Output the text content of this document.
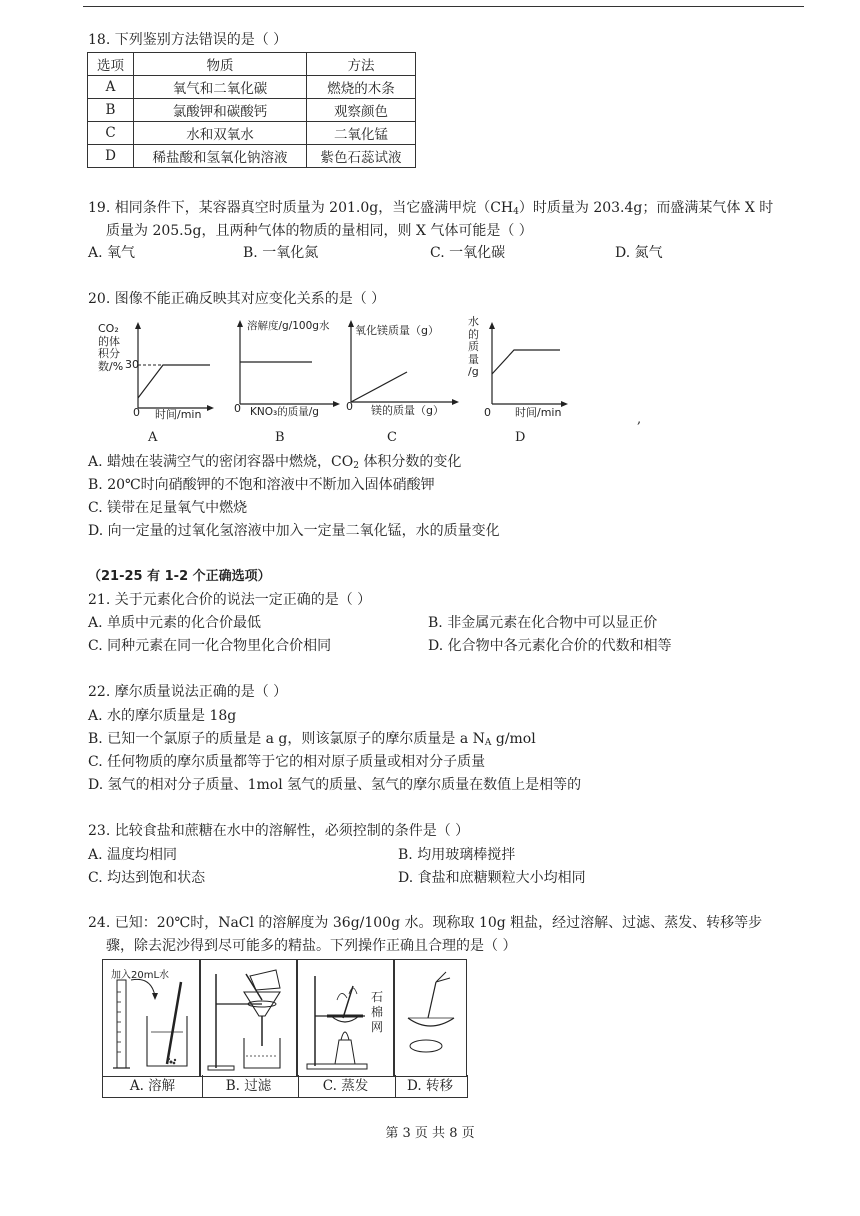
18. 下列鉴别方法错误的是（ ）
选项	物质	方法
A	氧气和二氧化碳	燃烧的木条
B	氯酸钾和碳酸钙	观察颜色
C	水和双氧水	二氧化锰
D	稀盐酸和氢氧化钠溶液	紫色石蕊试液
19. 相同条件下，某容器真空时质量为 201.0g，当它盛满甲烷$(CH_4)$时质量为 203.4g；而盛满某气体 X 时
质量为 205.5g，且两种气体的物质的量相同，则 X 气体可能是（ ）
A. 氧气	B. 一氧化氮	C. 一氧化碳	D. 氮气
20. 图像不能正确反映其对应变化关系的是（ ）
CO₂
的体
积分
数/% 30
0 时间/min
A
溶解度/g/100g水
0 KNO₃的质量/g
B
氧化镁质量（g）
0 镁的质量（g）
C
水
的
质
量
/g
0 时间/min
D
,
A. 蜡烛在装满空气的密闭容器中燃烧，$CO_2$ 体积分数的变化
B. 20℃时向硝酸钾的不饱和溶液中不断加入固体硝酸钾
C. 镁带在足量氧气中燃烧
D. 向一定量的过氧化氢溶液中加入一定量二氧化锰，水的质量变化
（21-25 有 1-2 个正确选项）
21. 关于元素化合价的说法一定正确的是（ ）
A. 单质中元素的化合价最低	B. 非金属元素在化合物中可以显正价
C. 同种元素在同一化合物里化合价相同	D. 化合物中各元素化合价的代数和相等
22. 摩尔质量说法正确的是（ ）
A. 水的摩尔质量是 18g
B. 已知一个氯原子的质量是 a g，则该氯原子的摩尔质量是 a $N_A$ g/mol
C. 任何物质的摩尔质量都等于它的相对原子质量或相对分子质量
D. 氢气的相对分子质量、1mol 氢气的质量、氢气的摩尔质量在数值上是相等的
23. 比较食盐和蔗糖在水中的溶解性，必须控制的条件是（ ）
A. 温度均相同	B. 均用玻璃棒搅拌
C. 均达到饱和状态	D. 食盐和庶糖颗粒大小均相同
24. 已知：20℃时，NaCl 的溶解度为 36g/100g 水。现称取 10g 粗盐，经过溶解、过滤、蒸发、转移等步
骤，除去泥沙得到尽可能多的精盐。下列操作正确且合理的是（ ）
加入20mL水
石
棉
网
A. 溶解	B. 过滤	C. 蒸发	D. 转移
第 3 页 共 8 页
